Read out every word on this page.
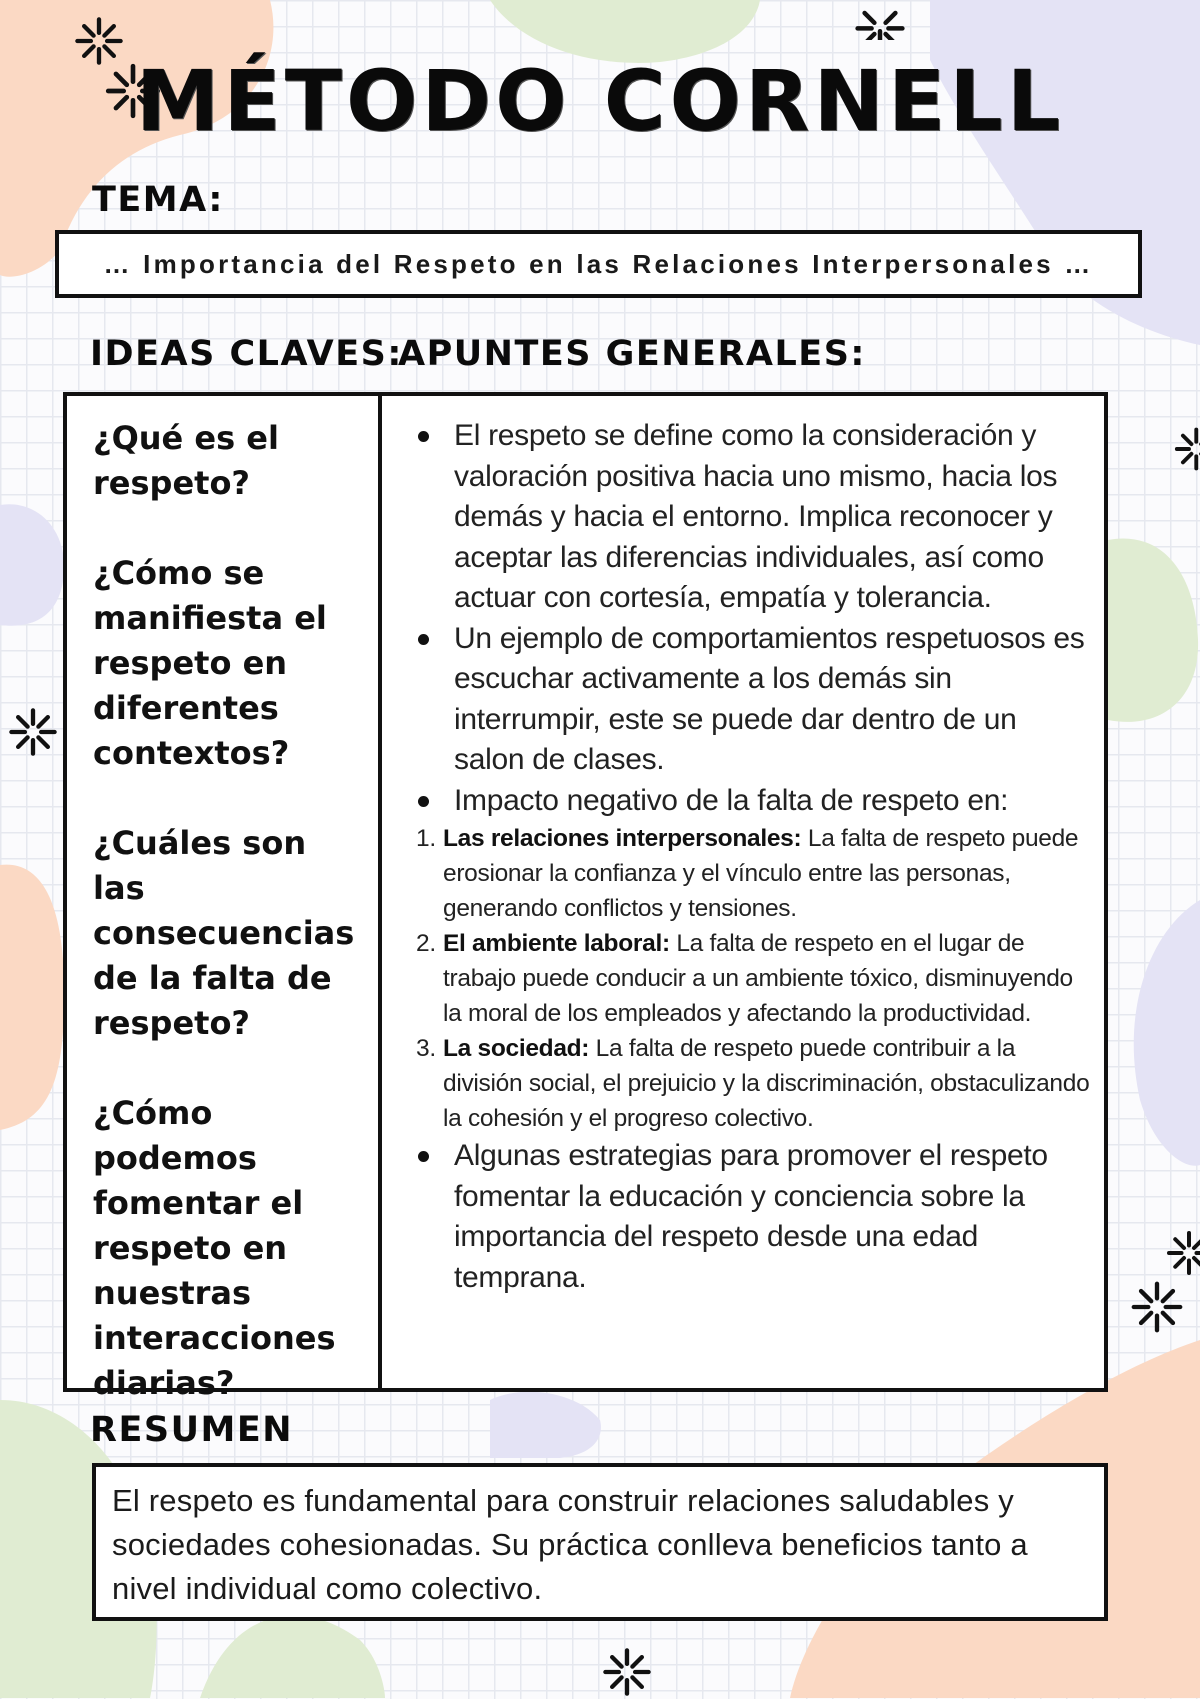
MÉTODO CORNELL
TEMA:
… Importancia del Respeto en las Relaciones Interpersonales …
IDEAS CLAVES:
APUNTES GENERALES:
¿Qué es el respeto?
¿Cómo se manifiesta el respeto en diferentes contextos?
¿Cuáles son las consecuencias de la falta de respeto?
¿Cómo podemos fomentar el respeto en nuestras interacciones diarias?
El respeto se define como la consideración y valoración positiva hacia uno mismo, hacia los demás y hacia el entorno. Implica reconocer y aceptar las diferencias individuales, así como actuar con cortesía, empatía y tolerancia.
Un ejemplo de comportamientos respetuosos es escuchar activamente a los demás sin interrumpir, este se puede dar dentro de un salon de clases.
Impacto negativo de la falta de respeto en:
1. Las relaciones interpersonales: La falta de respeto puede erosionar la confianza y el vínculo entre las personas, generando conflictos y tensiones.
2. El ambiente laboral: La falta de respeto en el lugar de trabajo puede conducir a un ambiente tóxico, disminuyendo la moral de los empleados y afectando la productividad.
3. La sociedad: La falta de respeto puede contribuir a la división social, el prejuicio y la discriminación, obstaculizando la cohesión y el progreso colectivo.
Algunas estrategias para promover el respeto fomentar la educación y conciencia sobre la importancia del respeto desde una edad temprana.
RESUMEN
El respeto es fundamental para construir relaciones saludables y sociedades cohesionadas. Su práctica conlleva beneficios tanto a nivel individual como colectivo.
